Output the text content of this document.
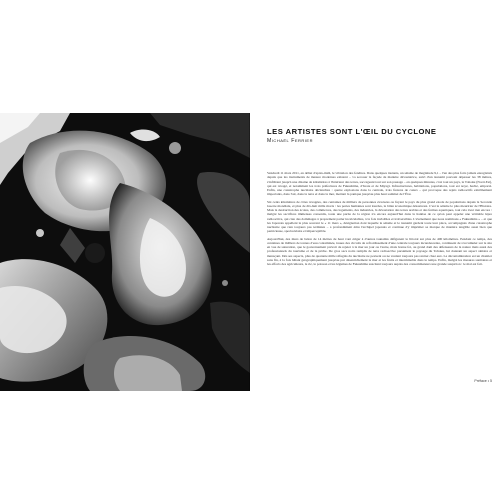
LES ARTISTES SONT L'ŒIL DU CYCLONE
Michaël Ferrier

Vendredi 11 mars 2011, en début d'après-midi, le vibration des fenêtres. Dans quelques instants, un séisme de magnitude 9,1 – l'un des plus forts jamais enregistrés depuis que les instruments de mesure modernes existent – va secouer la façade de manière dévastatrice, suivi d'un tsunami pouvant dépasser les 38 mètres, s'infiltrant jusqu'à une dizaine de kilomètres à l'intérieur des terres, saccageant tout sur son passage – en quelques minutes, c'est tout un pays, le Tohoku (Nord-Est), qui est ravagé, et notamment les trois préfectures de Fukushima, d'Iwate et de Miyagi. Infrastructures, habitations, populations, tout est noyé, haché, emporté. Enfin, une catastrophe nucléaire déclenchée : quatre explosions dans la centrale, trois fusions de cœurs – qui provoque des rejets radioactifs extrêmement importants, dans l'air, dans la terre et dans la mer, mettant la panique jusqu'au plus haut sommet de l'État.

Six cents kilomètres de côtes ravagées, des centaines de milliers de personnes évacuées ou fuyant le pays du plus grand exode de populations depuis la Seconde Guerre mondiale, et plus de dix-huit mille morts : les pertes humaines sont lourdes, le bilan économique désastreux. C'est le séisme le plus meurtrier de l'Histoire. Mais la destruction des écoles, des commerces, des logements, des industries, la dévastation des terres arables et des fermes aquatiques, tout cela n'est rien encore : malgré les sacrifices immenses consentis, toute une partie de la région n'a encore aujourd'hui dans la hantise de ce qu'on peut appeler une véritable lèpre radioactive, qui crée des dommages à proprement parler incalculables, à la fois invisibles et irréversibles. L'événement que nous nommons « Fukushima » – et que les Japonais appellent le plus souvent le « 11 mars », désignation dont laquelle le séisme et le tsunami gardent toute leur place, accompagnés d'une catastrophe nucléaire que rien toujours pas terminée – a profondément ému l'archipel japonais et continue d'y imprimer sa marque de manière tangible aussi bien que pernicieuse, spectaculaire et imperceptible.

Aujourd'hui, des murs de béton de 14 mètres de haut vont ériger à d'autres tsunamis défigurent le littoral sur plus de 400 kilomètres. Pendant ce temps, des centaines de milliers de tonnes d'eau contaminée, issues des circuits de refroidissement d'une centrale toujours incandescente, continuent de s'accumuler sur le site en vue de saturation, que le gouvernement prévoit de rejeter à la mer un jour ou l'autre, mais bonne foi, au grand dam des défenseurs de la nature mais aussi des professionnels du tourisme et de la pêche. De gros sacs noirs remplis de terre radioactive parsèment le paysage du Tohoku, lui donnant un aspect sinistre et menaçant. Dès ses aspects, plus de quarante mille réfugiés du nucléaire ne peuvent ou ne veulent toujours pas rentrer chez eux. La décontamination est un chantier sans fin, à la fois hâtant géographiquement jusqu'au pur désenrichement la mer et les fruits et interminable dans le temps. Enfin, malgré les mesures sanitaires et les efforts des agriculteurs, le riz, le poisson et les légumes de Fukushima suscitent toujours auprès des consommateurs une grande suspicion : le mal est fait.

Préface • 5
